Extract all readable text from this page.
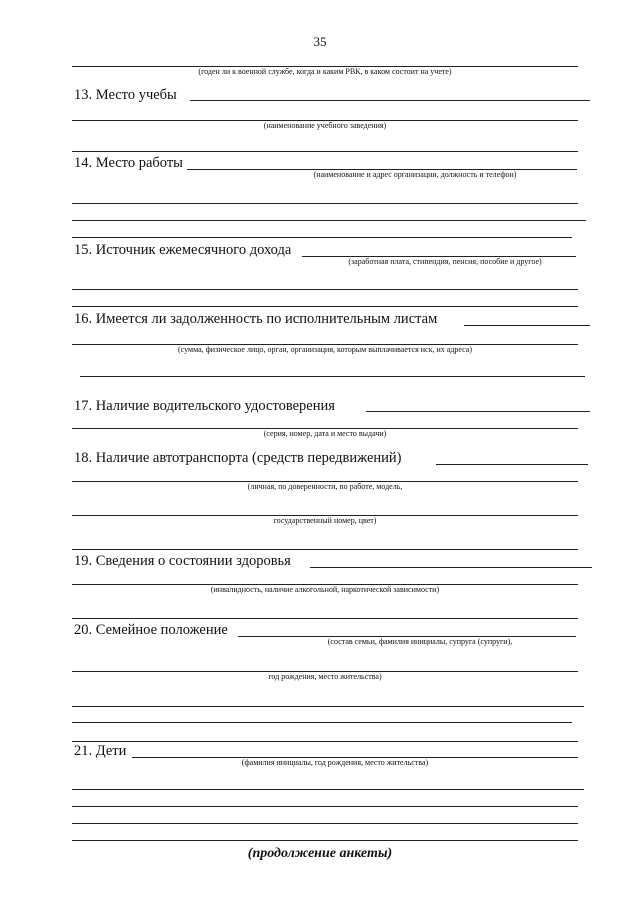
35
(годен ли к военной службе, когда и каким РВК, в каком состоит на учете)
13. Место учебы
(наименование учебного заведения)
14. Место работы
(наименование и адрес организации, должность и телефон)
15. Источник ежемесячного дохода
(заработная плата, стипендия, пенсия, пособие и другое)
16. Имеется ли задолженность по исполнительным листам
(сумма, физическое лицо, орган, организация, которым выплачивается иск, их адреса)
17. Наличие водительского удостоверения
(серия, номер, дата и место выдачи)
18. Наличие автотранспорта (средств передвижений)
(личная, по доверенности, по работе, модель,
государственный номер, цвет)
19. Сведения о состоянии здоровья
(инвалидность, наличие алкогольной, наркотической зависимости)
20. Семейное положение
(состав семьи, фамилия инициалы, супруга (супруги),
год рождения, место жительства)
21. Дети
(фамилия инициалы, год рождения, место жительства)
(продолжение анкеты)
